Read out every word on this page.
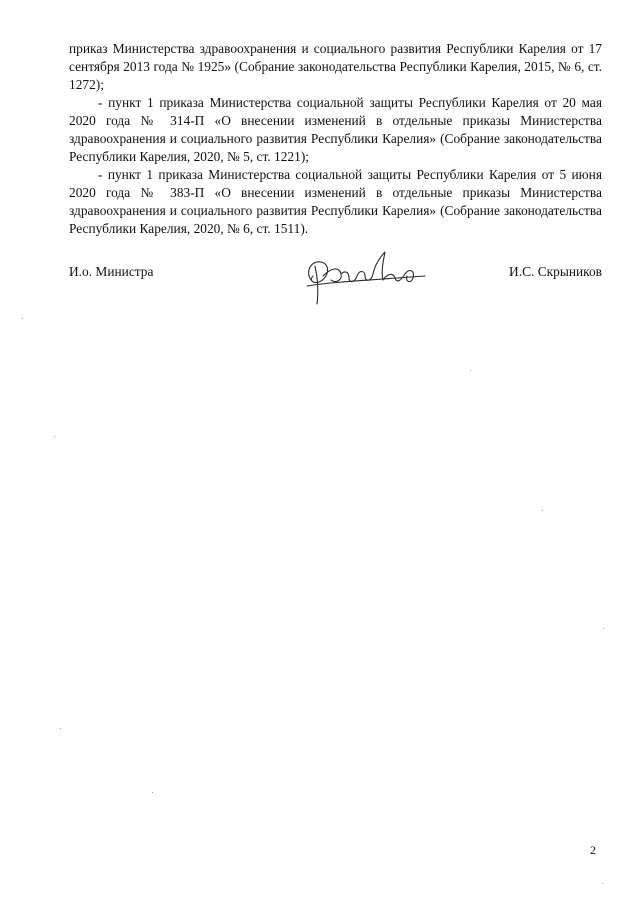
приказ Министерства здравоохранения и социального развития Республики Карелия от 17 сентября 2013 года № 1925» (Собрание законодательства Республики Карелия, 2015, № 6, ст. 1272);

- пункт 1 приказа Министерства социальной защиты Республики Карелия от 20 мая 2020 года № 314-П «О внесении изменений в отдельные приказы Министерства здравоохранения и социального развития Республики Карелия» (Собрание законодательства Республики Карелия, 2020, № 5, ст. 1221);

- пункт 1 приказа Министерства социальной защиты Республики Карелия от 5 июня 2020 года № 383-П «О внесении изменений в отдельные приказы Министерства здравоохранения и социального развития Республики Карелия» (Собрание законодательства Республики Карелия, 2020, № 6, ст. 1511).

И.о. Министра	И.С. Скрыников
2
